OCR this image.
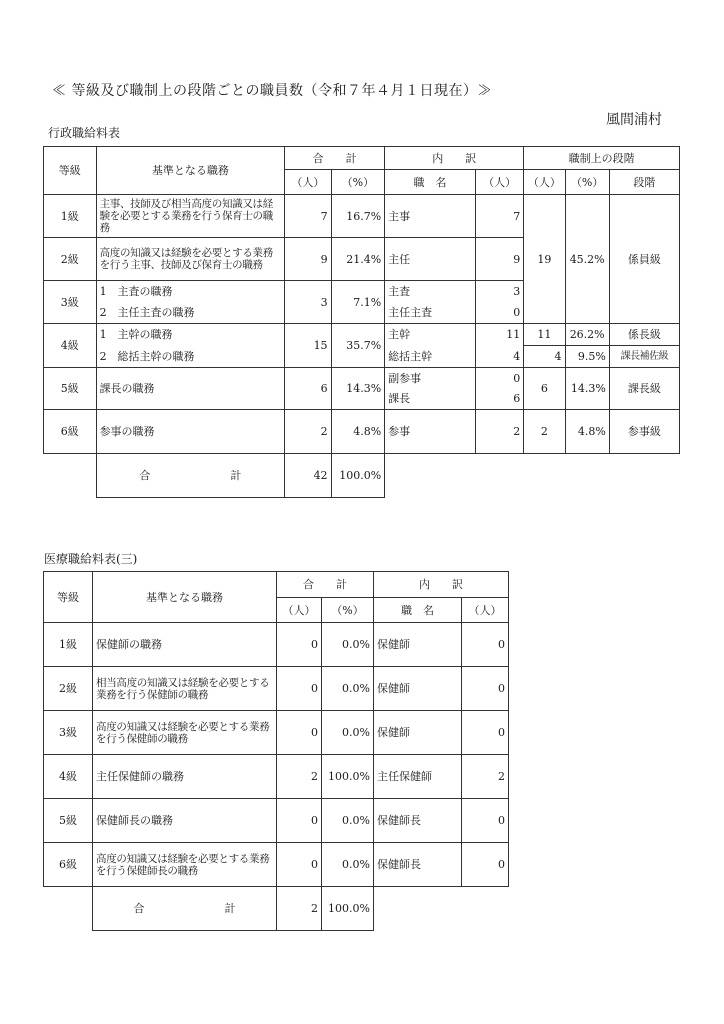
≪ 等級及び職制上の段階ごとの職員数（令和７年４月１日現在）≫
風間浦村
行政職給料表
等級	基準となる職務	合　　計		内　　訳		職制上の段階		
		（人）	（%）	職　名	（人）	（人）	（%）	段階
1級	主事、技師及び相当高度の知識又は経験を必要とする業務を行う保育士の職務	7	16.7%	主事	7	19	45.2%	係員級
2級	高度の知識又は経験を必要とする業務を行う主事、技師及び保育士の職務	9	21.4%	主任	9			
3級	1　主査の職務	3	7.1%	主査	3			
	2　主任主査の職務			主任主査	0			
4級	1　主幹の職務	15	35.7%	主幹	11	11	26.2%	係長級
	2　総括主幹の職務			総括主幹	4	4	9.5%	課長補佐級
5級	課長の職務	6	14.3%	副参事	0	6	14.3%	課長級
				課長	6			
6級	参事の職務	2	4.8%	参事	2	2	4.8%	参事級
	合 計	42	100.0%					
医療職給料表(三)
等級	基準となる職務	合　　計		内　　訳	
		（人）	（%）	職　名	（人）
1級	保健師の職務	0	0.0%	保健師	0
2級	相当高度の知識又は経験を必要とする業務を行う保健師の職務	0	0.0%	保健師	0
3級	高度の知識又は経験を必要とする業務を行う保健師の職務	0	0.0%	保健師	0
4級	主任保健師の職務	2	100.0%	主任保健師	2
5級	保健師長の職務	0	0.0%	保健師長	0
6級	高度の知識又は経験を必要とする業務を行う保健師長の職務	0	0.0%	保健師長	0
	合 計	2	100.0%		
